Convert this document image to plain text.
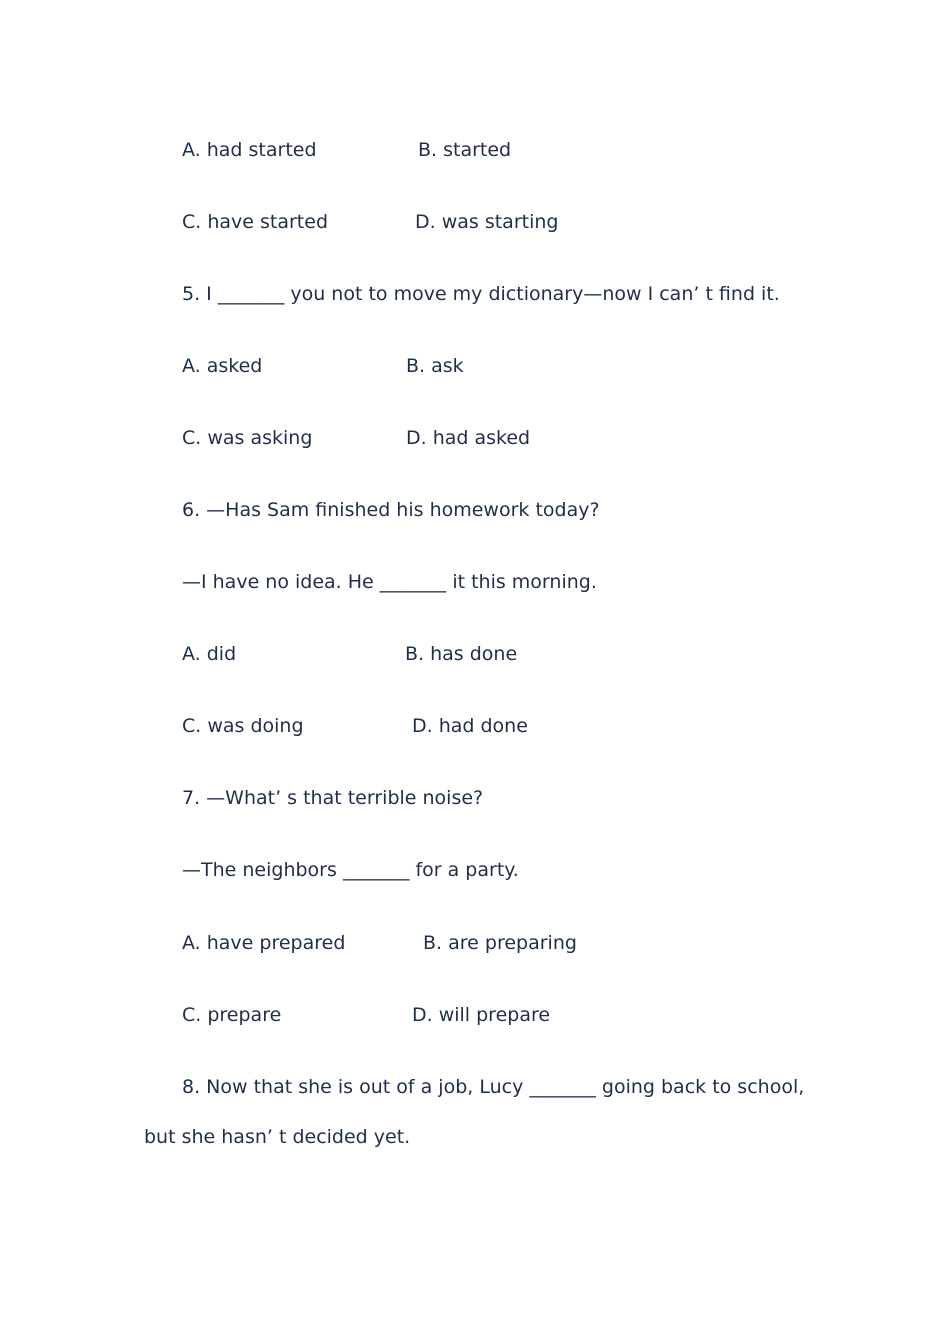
A. had started	B. started
C. have started	D. was starting
5. I _______ you not to move my dictionary—now I can’ t find it.
A. asked	B. ask
C. was asking	D. had asked
6. —Has Sam finished his homework today?
—I have no idea. He _______ it this morning.
A. did	B. has done
C. was doing	D. had done
7. —What’ s that terrible noise?
—The neighbors _______ for a party.
A. have prepared	B. are preparing
C. prepare	D. will prepare
8. Now that she is out of a job, Lucy _______ going back to school,
but she hasn’ t decided yet.
